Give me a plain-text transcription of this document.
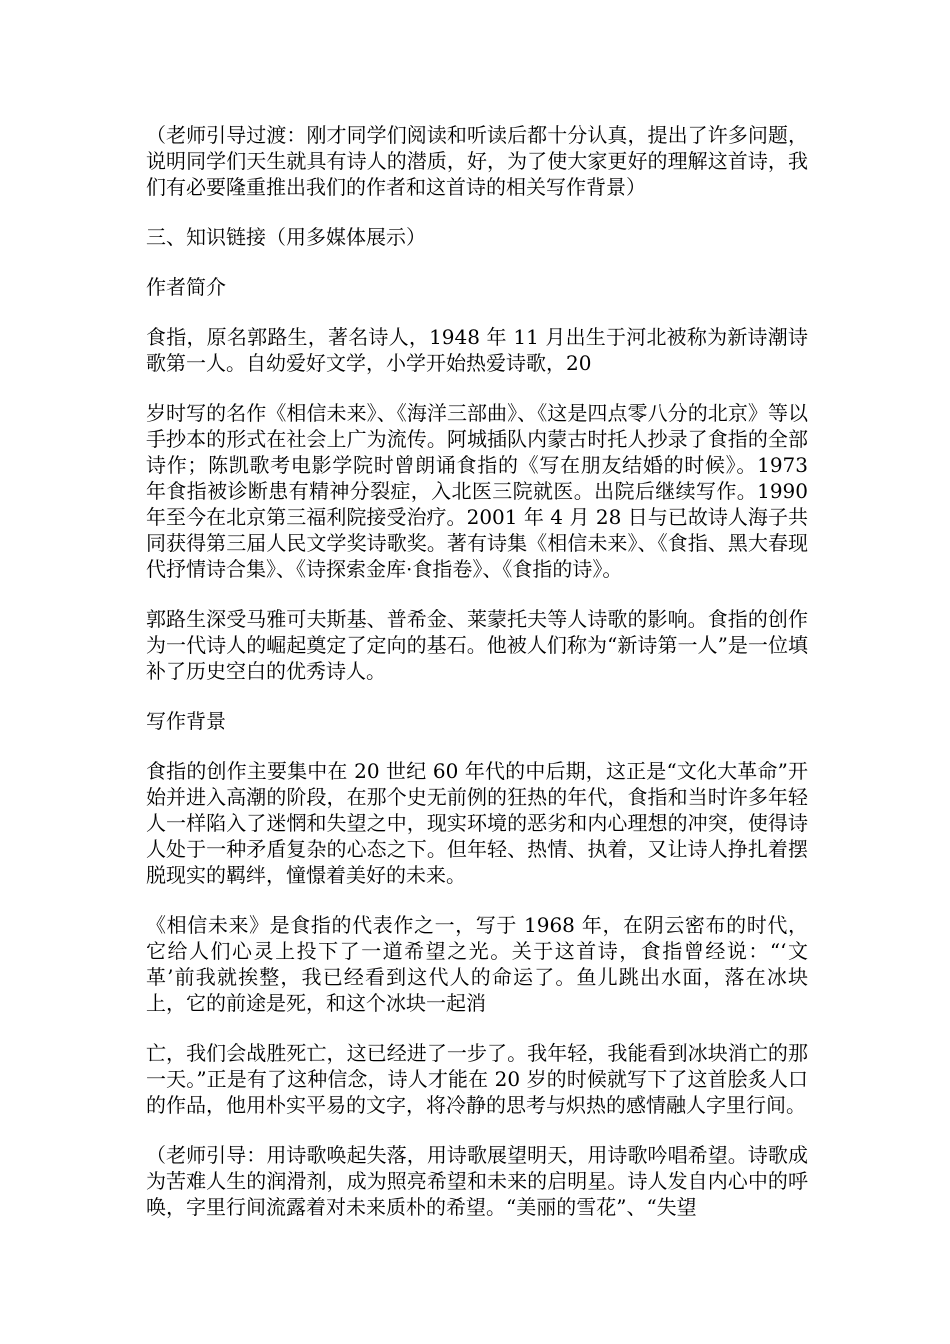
（老师引导过渡：刚才同学们阅读和听读后都十分认真，提出了许多问题，说明同学们天生就具有诗人的潜质，好，为了使大家更好的理解这首诗，我们有必要隆重推出我们的作者和这首诗的相关写作背景）

三、知识链接（用多媒体展示）

作者简介

食指，原名郭路生，著名诗人，1948 年 11 月出生于河北被称为新诗潮诗歌第一人。自幼爱好文学，小学开始热爱诗歌，20

岁时写的名作《相信未来》、《海洋三部曲》、《这是四点零八分的北京》等以手抄本的形式在社会上广为流传。阿城插队内蒙古时托人抄录了食指的全部诗作；陈凯歌考电影学院时曾朗诵食指的《写在朋友结婚的时候》。1973 年食指被诊断患有精神分裂症，入北医三院就医。出院后继续写作。1990 年至今在北京第三福利院接受治疗。2001 年 4 月 28 日与已故诗人海子共同获得第三届人民文学奖诗歌奖。著有诗集《相信未来》、《食指、黑大春现代抒情诗合集》、《诗探索金库·食指卷》、《食指的诗》。

郭路生深受马雅可夫斯基、普希金、莱蒙托夫等人诗歌的影响。食指的创作为一代诗人的崛起奠定了定向的基石。他被人们称为“新诗第一人”是一位填补了历史空白的优秀诗人。

写作背景

食指的创作主要集中在 20 世纪 60 年代的中后期，这正是“文化大革命”开始并进入高潮的阶段，在那个史无前例的狂热的年代，食指和当时许多年轻人一样陷入了迷惘和失望之中，现实环境的恶劣和内心理想的冲突，使得诗人处于一种矛盾复杂的心态之下。但年轻、热情、执着，又让诗人挣扎着摆脱现实的羁绊，憧憬着美好的未来。

《相信未来》是食指的代表作之一，写于 1968 年，在阴云密布的时代，它给人们心灵上投下了一道希望之光。关于这首诗，食指曾经说：“‘文革’前我就挨整，我已经看到这代人的命运了。鱼儿跳出水面，落在冰块上，它的前途是死，和这个冰块一起消

亡，我们会战胜死亡，这已经进了一步了。我年轻，我能看到冰块消亡的那一天。”正是有了这种信念，诗人才能在 20 岁的时候就写下了这首脍炙人口的作品，他用朴实平易的文字，将冷静的思考与炽热的感情融人字里行间。

（老师引导：用诗歌唤起失落，用诗歌展望明天，用诗歌吟唱希望。诗歌成为苦难人生的润滑剂，成为照亮希望和未来的启明星。诗人发自内心中的呼唤，字里行间流露着对未来质朴的希望。“美丽的雪花”、“失望
